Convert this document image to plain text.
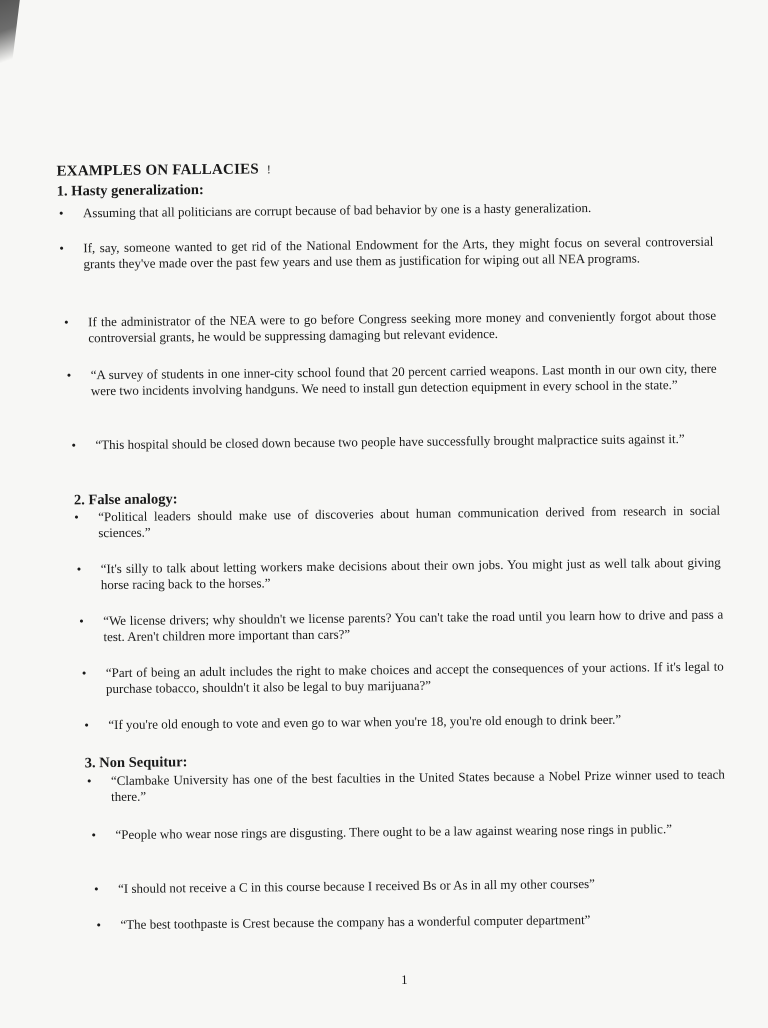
EXAMPLES ON FALLACIES !
1. Hasty generalization:
• Assuming that all politicians are corrupt because of bad behavior by one is a hasty generalization.
• If, say, someone wanted to get rid of the National Endowment for the Arts, they might focus on several controversial grants they've made over the past few years and use them as justification for wiping out all NEA programs.
• If the administrator of the NEA were to go before Congress seeking more money and conveniently forgot about those controversial grants, he would be suppressing damaging but relevant evidence.
• “A survey of students in one inner-city school found that 20 percent carried weapons. Last month in our own city, there were two incidents involving handguns. We need to install gun detection equipment in every school in the state.”
• “This hospital should be closed down because two people have successfully brought malpractice suits against it.”
2. False analogy:
• “Political leaders should make use of discoveries about human communication derived from research in social sciences.”
• “It's silly to talk about letting workers make decisions about their own jobs. You might just as well talk about giving horse racing back to the horses.”
• “We license drivers; why shouldn't we license parents? You can't take the road until you learn how to drive and pass a test. Aren't children more important than cars?”
• “Part of being an adult includes the right to make choices and accept the consequences of your actions. If it's legal to purchase tobacco, shouldn't it also be legal to buy marijuana?”
• “If you're old enough to vote and even go to war when you're 18, you're old enough to drink beer.”
3. Non Sequitur:
• “Clambake University has one of the best faculties in the United States because a Nobel Prize winner used to teach there.”
• “People who wear nose rings are disgusting. There ought to be a law against wearing nose rings in public.”
• “I should not receive a C in this course because I received Bs or As in all my other courses”
• “The best toothpaste is Crest because the company has a wonderful computer department”
1
